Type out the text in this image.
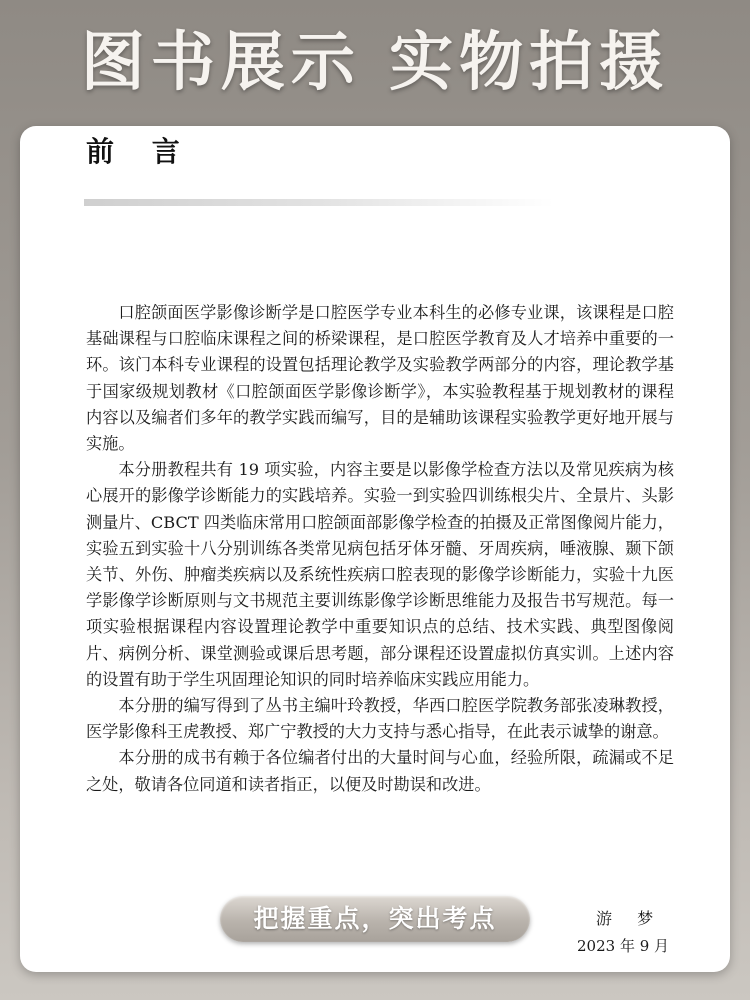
图书展示 实物拍摄
前 言

口腔颌面医学影像诊断学是口腔医学专业本科生的必修专业课，该课程是口腔基础课程与口腔临床课程之间的桥梁课程，是口腔医学教育及人才培养中重要的一环。该门本科专业课程的设置包括理论教学及实验教学两部分的内容，理论教学基于国家级规划教材《口腔颌面医学影像诊断学》，本实验教程基于规划教材的课程内容以及编者们多年的教学实践而编写，目的是辅助该课程实验教学更好地开展与实施。

本分册教程共有 19 项实验，内容主要是以影像学检查方法以及常见疾病为核心展开的影像学诊断能力的实践培养。实验一到实验四训练根尖片、全景片、头影测量片、CBCT 四类临床常用口腔颌面部影像学检查的拍摄及正常图像阅片能力，实验五到实验十八分别训练各类常见病包括牙体牙髓、牙周疾病，唾液腺、颞下颌关节、外伤、肿瘤类疾病以及系统性疾病口腔表现的影像学诊断能力，实验十九医学影像学诊断原则与文书规范主要训练影像学诊断思维能力及报告书写规范。每一项实验根据课程内容设置理论教学中重要知识点的总结、技术实践、典型图像阅片、病例分析、课堂测验或课后思考题，部分课程还设置虚拟仿真实训。上述内容的设置有助于学生巩固理论知识的同时培养临床实践应用能力。

本分册的编写得到了丛书主编叶玲教授，华西口腔医学院教务部张凌琳教授，医学影像科王虎教授、郑广宁教授的大力支持与悉心指导，在此表示诚挚的谢意。

本分册的成书有赖于各位编者付出的大量时间与心血，经验所限，疏漏或不足之处，敬请各位同道和读者指正，以便及时勘误和改进。

把握重点，突出考点	游 梦
2023 年 9 月
